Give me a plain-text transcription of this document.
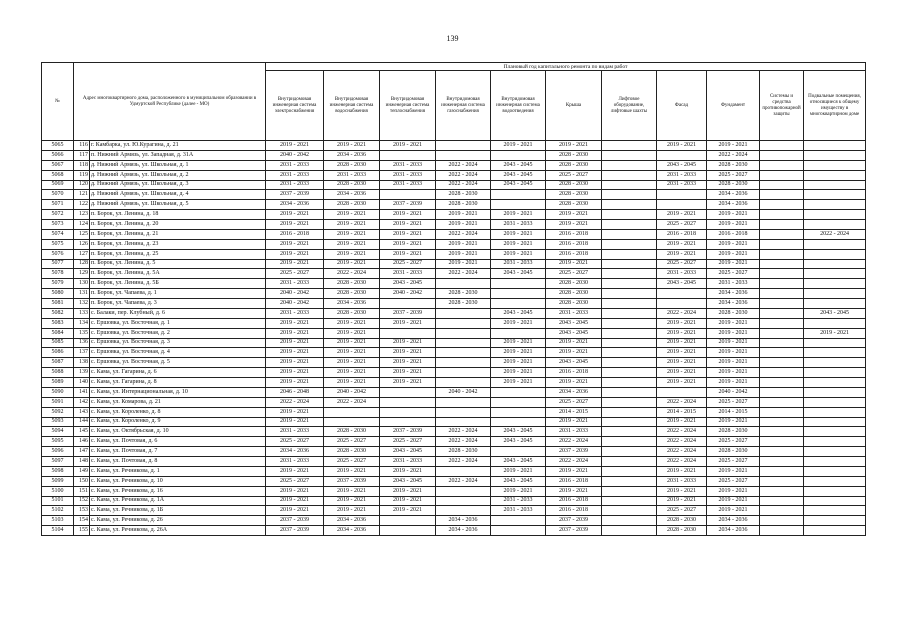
139
№	Адрес многоквартирного дома, расположенного в муниципальном образовании в Удмуртской Республике (далее - МО)		Плановый год капитального ремонта по видам работ										
			Внутридомовая инженерная система электроснабжения	Внутридомовая инженерная система водоснабжения	Внутридомовая инженерная система теплоснабжения	Внутридомовая инженерная система газоснабжения	Внутридомовая инженерная система водоотведения	Крыша	Лифтовое оборудование, лифтовые шахты	Фасад	Фундамент	Системы и средства противопожарной защиты	Подвальные помещения, относящиеся к общему имуществу в многоквартирном доме
5065	116	г. Камбарка, ул. Ю.Курагина, д. 21	2019 - 2021	2019 - 2021	2019 - 2021		2019 - 2021	2019 - 2021		2019 - 2021	2019 - 2021		
5066	117	п. Нижний Армязь, ул. Западная, д. 31А	2040 - 2042	2034 - 2036				2028 - 2030			2022 - 2024		
5067	118	д. Нижний Армязь, ул. Школьная, д. 1	2031 - 2033	2028 - 2030	2031 - 2033	2022 - 2024	2043 - 2045	2028 - 2030		2043 - 2045	2028 - 2030		
5068	119	д. Нижний Армязь, ул. Школьная, д. 2	2031 - 2033	2031 - 2033	2031 - 2033	2022 - 2024	2043 - 2045	2025 - 2027		2031 - 2033	2025 - 2027		
5069	120	д. Нижний Армязь, ул. Школьная, д. 3	2031 - 2033	2028 - 2030	2031 - 2033	2022 - 2024	2043 - 2045	2028 - 2030		2031 - 2033	2028 - 2030		
5070	121	д. Нижний Армязь, ул. Школьная, д. 4	2037 - 2039	2034 - 2036		2028 - 2030		2028 - 2030			2034 - 2036		
5071	122	д. Нижний Армязь, ул. Школьная, д. 5	2034 - 2036	2028 - 2030	2037 - 2039	2028 - 2030		2028 - 2030			2034 - 2036		
5072	123	п. Борок, ул. Ленина, д. 18	2019 - 2021	2019 - 2021	2019 - 2021	2019 - 2021	2019 - 2021	2019 - 2021		2019 - 2021	2019 - 2021		
5073	124	п. Борок, ул. Ленина, д. 20	2019 - 2021	2019 - 2021	2019 - 2021	2019 - 2021	2031 - 2033	2019 - 2021		2025 - 2027	2019 - 2021		
5074	125	п. Борок, ул. Ленина, д. 21	2016 - 2018	2019 - 2021	2019 - 2021	2022 - 2024	2019 - 2021	2016 - 2018		2016 - 2018	2016 - 2018		2022 - 2024
5075	126	п. Борок, ул. Ленина, д. 23	2019 - 2021	2019 - 2021	2019 - 2021	2019 - 2021	2019 - 2021	2016 - 2018		2019 - 2021	2019 - 2021		
5076	127	п. Борок, ул. Ленина, д. 25	2019 - 2021	2019 - 2021	2019 - 2021	2019 - 2021	2019 - 2021	2016 - 2018		2019 - 2021	2019 - 2021		
5077	128	п. Борок, ул. Ленина, д. 5	2019 - 2021	2019 - 2021	2025 - 2027	2019 - 2021	2031 - 2033	2019 - 2021		2025 - 2027	2019 - 2021		
5078	129	п. Борок, ул. Ленина, д. 5А	2025 - 2027	2022 - 2024	2031 - 2033	2022 - 2024	2043 - 2045	2025 - 2027		2031 - 2033	2025 - 2027		
5079	130	п. Борок, ул. Ленина, д. 5Б	2031 - 2033	2028 - 2030	2043 - 2045			2028 - 2030		2043 - 2045	2031 - 2033		
5080	131	п. Борок, ул. Чапаева, д. 1	2040 - 2042	2028 - 2030	2040 - 2042	2028 - 2030		2028 - 2030			2034 - 2036		
5081	132	п. Борок, ул. Чапаева, д. 3	2040 - 2042	2034 - 2036		2028 - 2030		2028 - 2030			2034 - 2036		
5082	133	с. Балаки, пер. Клубный, д. 6	2031 - 2033	2028 - 2030	2037 - 2039		2043 - 2045	2031 - 2033		2022 - 2024	2028 - 2030		2043 - 2045
5083	134	с. Ершовка, ул. Восточная, д. 1	2019 - 2021	2019 - 2021	2019 - 2021		2019 - 2021	2043 - 2045		2019 - 2021	2019 - 2021		
5084	135	с. Ершовка, ул. Восточная, д. 2	2019 - 2021	2019 - 2021				2043 - 2045		2019 - 2021	2019 - 2021		2019 - 2021
5085	136	с. Ершовка, ул. Восточная, д. 3	2019 - 2021	2019 - 2021	2019 - 2021		2019 - 2021	2019 - 2021		2019 - 2021	2019 - 2021		
5086	137	с. Ершовка, ул. Восточная, д. 4	2019 - 2021	2019 - 2021	2019 - 2021		2019 - 2021	2019 - 2021		2019 - 2021	2019 - 2021		
5087	138	с. Ершовка, ул. Восточная, д. 5	2019 - 2021	2019 - 2021	2019 - 2021		2019 - 2021	2043 - 2045		2019 - 2021	2019 - 2021		
5088	139	с. Кама, ул. Гагарина, д. 6	2019 - 2021	2019 - 2021	2019 - 2021		2019 - 2021	2016 - 2018		2019 - 2021	2019 - 2021		
5089	140	с. Кама, ул. Гагарина, д. 8	2019 - 2021	2019 - 2021	2019 - 2021		2019 - 2021	2019 - 2021		2019 - 2021	2019 - 2021		
5090	141	с. Кама, ул. Интернациональная, д. 10	2046 - 2048	2040 - 2042		2040 - 2042		2034 - 2036			2040 - 2042		
5091	142	с. Кама, ул. Комарова, д. 21	2022 - 2024	2022 - 2024				2025 - 2027		2022 - 2024	2025 - 2027		
5092	143	с. Кама, ул. Короленко, д. 8	2019 - 2021					2014 - 2015		2014 - 2015	2014 - 2015		
5093	144	с. Кама, ул. Короленко, д. 9	2019 - 2021					2019 - 2021		2019 - 2021	2019 - 2021		
5094	145	с. Кама, ул. Октябрьская, д. 10	2031 - 2033	2028 - 2030	2037 - 2039	2022 - 2024	2043 - 2045	2031 - 2033		2022 - 2024	2028 - 2030		
5095	146	с. Кама, ул. Почтовая, д. 6	2025 - 2027	2025 - 2027	2025 - 2027	2022 - 2024	2043 - 2045	2022 - 2024		2022 - 2024	2025 - 2027		
5096	147	с. Кама, ул. Почтовая, д. 7	2034 - 2036	2028 - 2030	2043 - 2045	2028 - 2030		2037 - 2039		2022 - 2024	2028 - 2030		
5097	148	с. Кама, ул. Почтовая, д. 8	2031 - 2033	2025 - 2027	2031 - 2033	2022 - 2024	2043 - 2045	2022 - 2024		2022 - 2024	2025 - 2027		
5098	149	с. Кама, ул. Речникова, д. 1	2019 - 2021	2019 - 2021	2019 - 2021		2019 - 2021	2019 - 2021		2019 - 2021	2019 - 2021		
5099	150	с. Кама, ул. Речникова, д. 10	2025 - 2027	2037 - 2039	2043 - 2045	2022 - 2024	2043 - 2045	2016 - 2018		2031 - 2033	2025 - 2027		
5100	151	с. Кама, ул. Речникова, д. 16	2019 - 2021	2019 - 2021	2019 - 2021		2019 - 2021	2019 - 2021		2019 - 2021	2019 - 2021		
5101	152	с. Кама, ул. Речникова, д. 1А	2019 - 2021	2019 - 2021	2019 - 2021		2031 - 2033	2016 - 2018		2019 - 2021	2019 - 2021		
5102	153	с. Кама, ул. Речникова, д. 1Б	2019 - 2021	2019 - 2021	2019 - 2021		2031 - 2033	2016 - 2018		2025 - 2027	2019 - 2021		
5103	154	с. Кама, ул. Речникова, д. 26	2037 - 2039	2034 - 2036		2034 - 2036		2037 - 2039		2028 - 2030	2034 - 2036		
5104	155	с. Кама, ул. Речникова, д. 26А	2037 - 2039	2034 - 2036		2034 - 2036		2037 - 2039		2028 - 2030	2034 - 2036		
